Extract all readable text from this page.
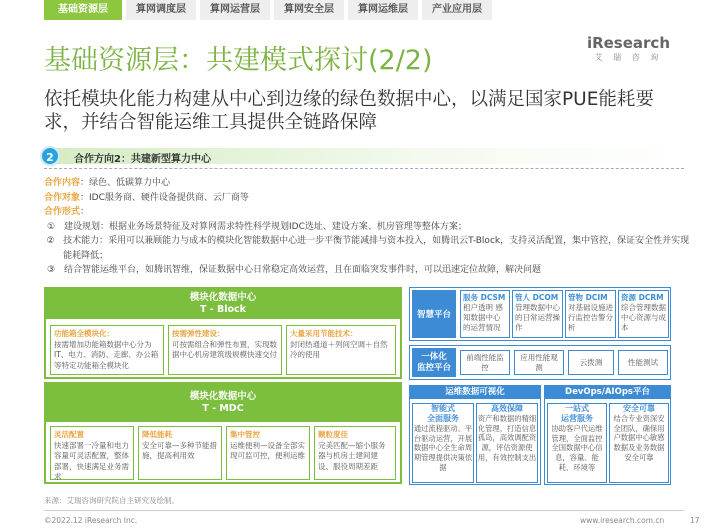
基础资源层	算网调度层	算网运营层	算网安全层	算网运维层	产业应用层
基础资源层：共建模式探讨(2/2)
iResearch
艾 瑞 咨 询
依托模块化能力构建从中心到边缘的绿色数据中心，以满足国家PUE能耗要求，并结合智能运维工具提供全链路保障
2	合作方向2：共建新型算力中心
合作内容：绿色、低碳算力中心
合作对象：IDC服务商、硬件设备提供商、云厂商等
合作形式：
① 建设规划：根据业务场景特征及对算网需求特性科学规划IDC选址、建设方案、机房管理等整体方案；
② 技术能力：采用可以兼顾能力与成本的模块化智能数据中心进一步平衡节能减排与资本投入，如腾讯云T-Block，支持灵活配置，集中管控，保证安全性并实现能耗降低；
③ 结合智能运维平台，如腾讯智维，保证数据中心日常稳定高效运营，且在面临突发事件时，可以迅速定位故障，解决问题
模块化数据中心
T - Block
功能箱全模块化：
按需增加功能箱数据中心分为IT、电力、消防、走廊、办公箱等特定功能箱全模块化
按需弹性建设：
可按需组合和弹性布置，实现数据中心机房建筑级规模快速交付
大量采用节能技术：
封闭热通道＋列间空调＋自然冷的使用
模块化数据中心
T - MDC
灵活配置
快速部署一冷量和电力容量可灵活配置，整体部署，快速满足业务需求
降低能耗
安全可靠—多种节能措施，提高利用效
集中管控
运维便利—设备全部实现可监可控，便利运维
颗粒度佳
完美匹配—缩小服务器与机房土建间建设、服役周期差距
智慧平台
服务 DCSM
租户透明 感知数据中心的运营情况
管人 DCOM
管理数据中心的日常运营操作
管物 DCIM
对基础设施进行监控告警分析
资源 DCRM
综合管理数据中心资源与成本
一体化
监控平台
前端性能监控
应用性能观测
云拨测	性能测试
运维数据可视化
智能式
全面服务
通过流程驱动、平台驱动运营，开展数据中心全生命周期管理提供决策依据
高效保障
资产和数据的精细化管理，打造信息孤岛，高效调配资源，评估资源使用，有效控制支出
DevOps/AIOps平台
一站式
运营服务
协助客户代运维管理，全面监控全国数据中心信息，容量、能耗、环境等
安全可靠
结合专业资深安全团队，确保用户数据中心敏感数据及业务数据安全可靠
来源：艾瑞咨询研究院自主研究及绘制。
©2022.12 iResearch Inc.	www.iresearch.com.cn	17
